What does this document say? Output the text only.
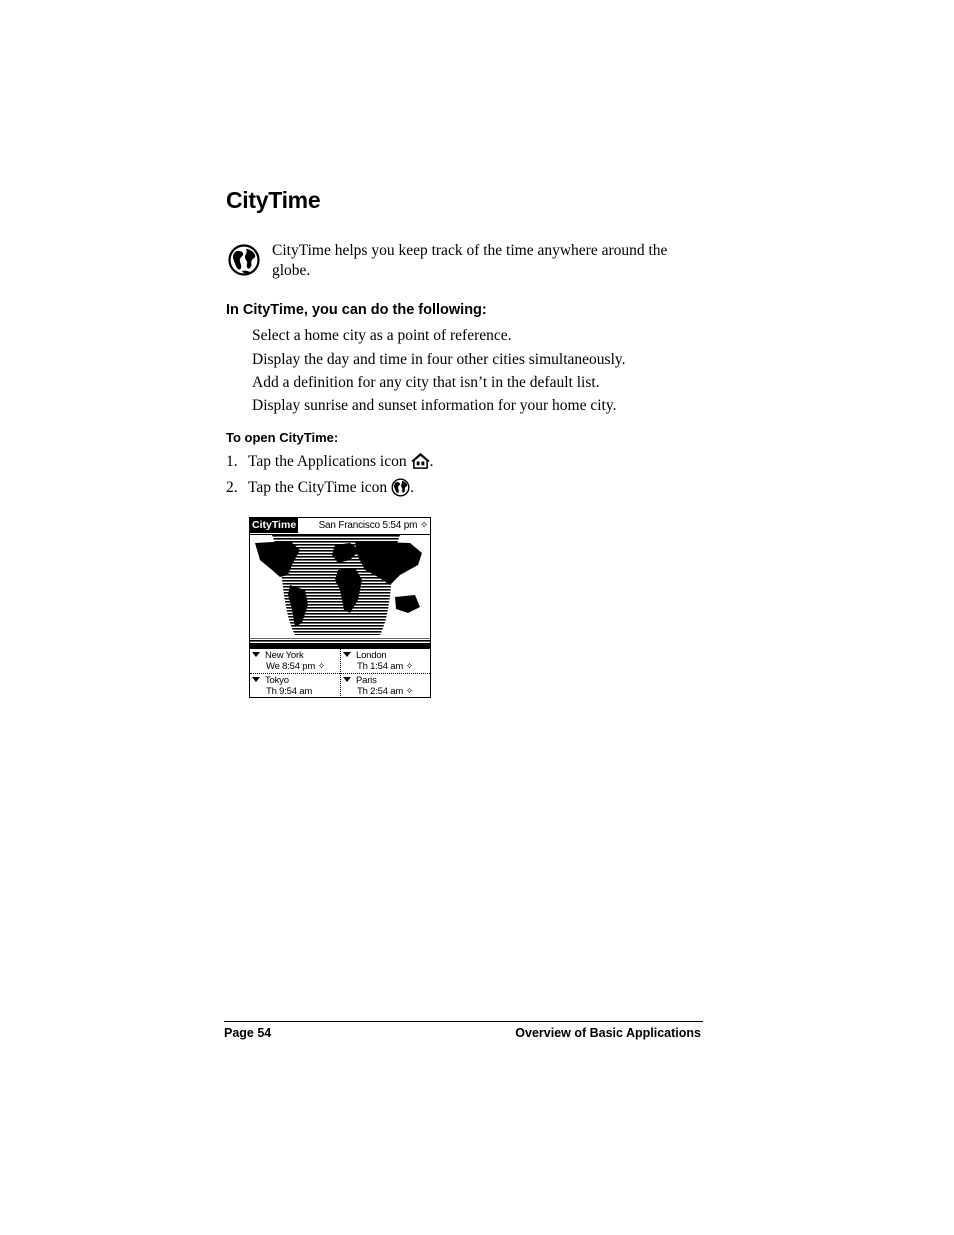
CityTime
CityTime helps you keep track of the time anywhere around the globe.
In CityTime, you can do the following:
Select a home city as a point of reference.
Display the day and time in four other cities simultaneously.
Add a definition for any city that isn’t in the default list.
Display sunrise and sunset information for your home city.
To open CityTime:
1. Tap the Applications icon .
2. Tap the CityTime icon .
CityTime San Francisco 5:54 pm ✧
New York
We 8:54 pm ✧
London
Th 1:54 am ✧
Tokyo
Th 9:54 am
Paris
Th 2:54 am ✧
Page 54	Overview of Basic Applications
